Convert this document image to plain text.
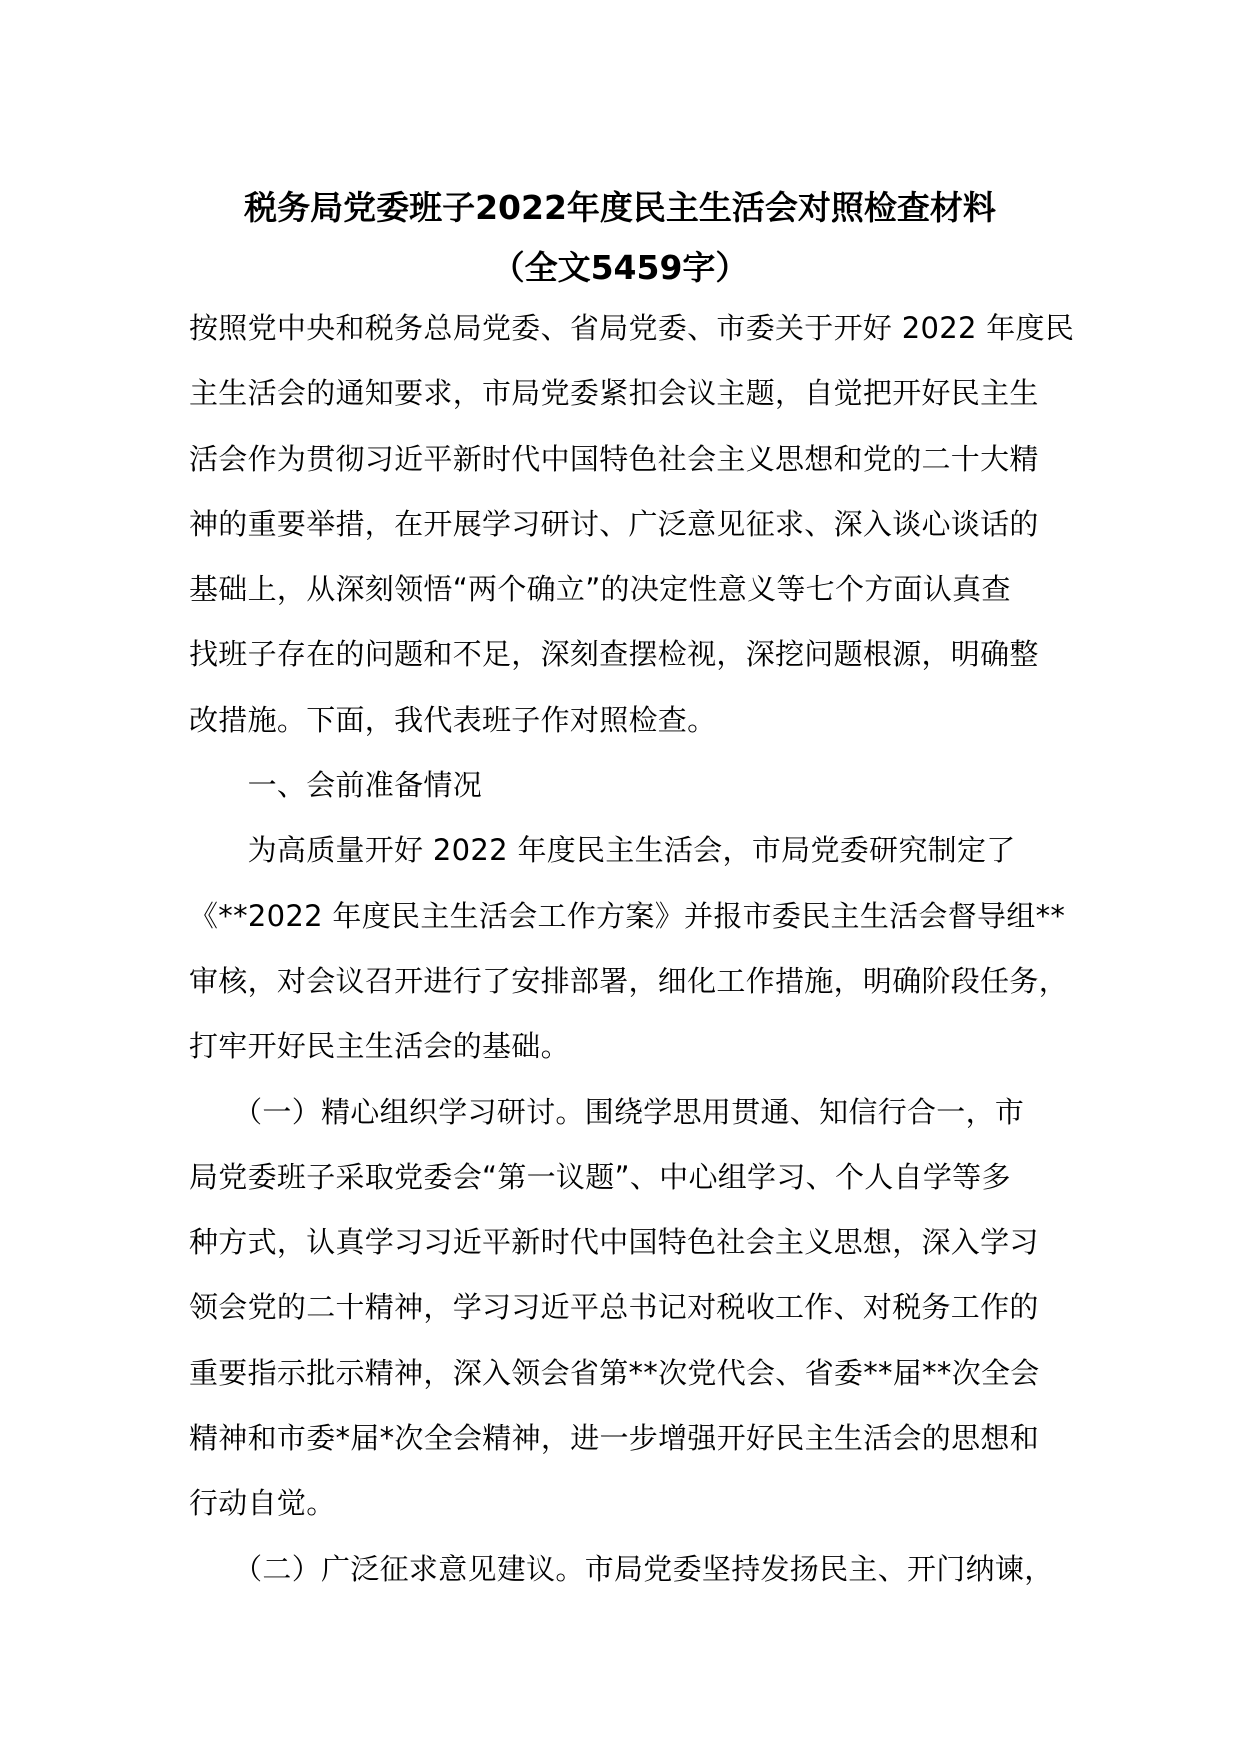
税务局党委班子2022年度民主生活会对照检查材料
（全文5459字）
按照党中央和税务总局党委、省局党委、市委关于开好 2022 年度民
主生活会的通知要求，市局党委紧扣会议主题，自觉把开好民主生
活会作为贯彻习近平新时代中国特色社会主义思想和党的二十大精
神的重要举措，在开展学习研讨、广泛意见征求、深入谈心谈话的
基础上，从深刻领悟“两个确立”的决定性意义等七个方面认真查
找班子存在的问题和不足，深刻查摆检视，深挖问题根源，明确整
改措施。下面，我代表班子作对照检查。
　　一、会前准备情况
　　为高质量开好 2022 年度民主生活会，市局党委研究制定了
《**2022 年度民主生活会工作方案》并报市委民主生活会督导组**
审核，对会议召开进行了安排部署，细化工作措施，明确阶段任务，
打牢开好民主生活会的基础。
　　（一）精心组织学习研讨。围绕学思用贯通、知信行合一，市
局党委班子采取党委会“第一议题”、中心组学习、个人自学等多
种方式，认真学习习近平新时代中国特色社会主义思想，深入学习
领会党的二十精神，学习习近平总书记对税收工作、对税务工作的
重要指示批示精神，深入领会省第**次党代会、省委**届**次全会
精神和市委*届*次全会精神，进一步增强开好民主生活会的思想和
行动自觉。
　　（二）广泛征求意见建议。市局党委坚持发扬民主、开门纳谏，
